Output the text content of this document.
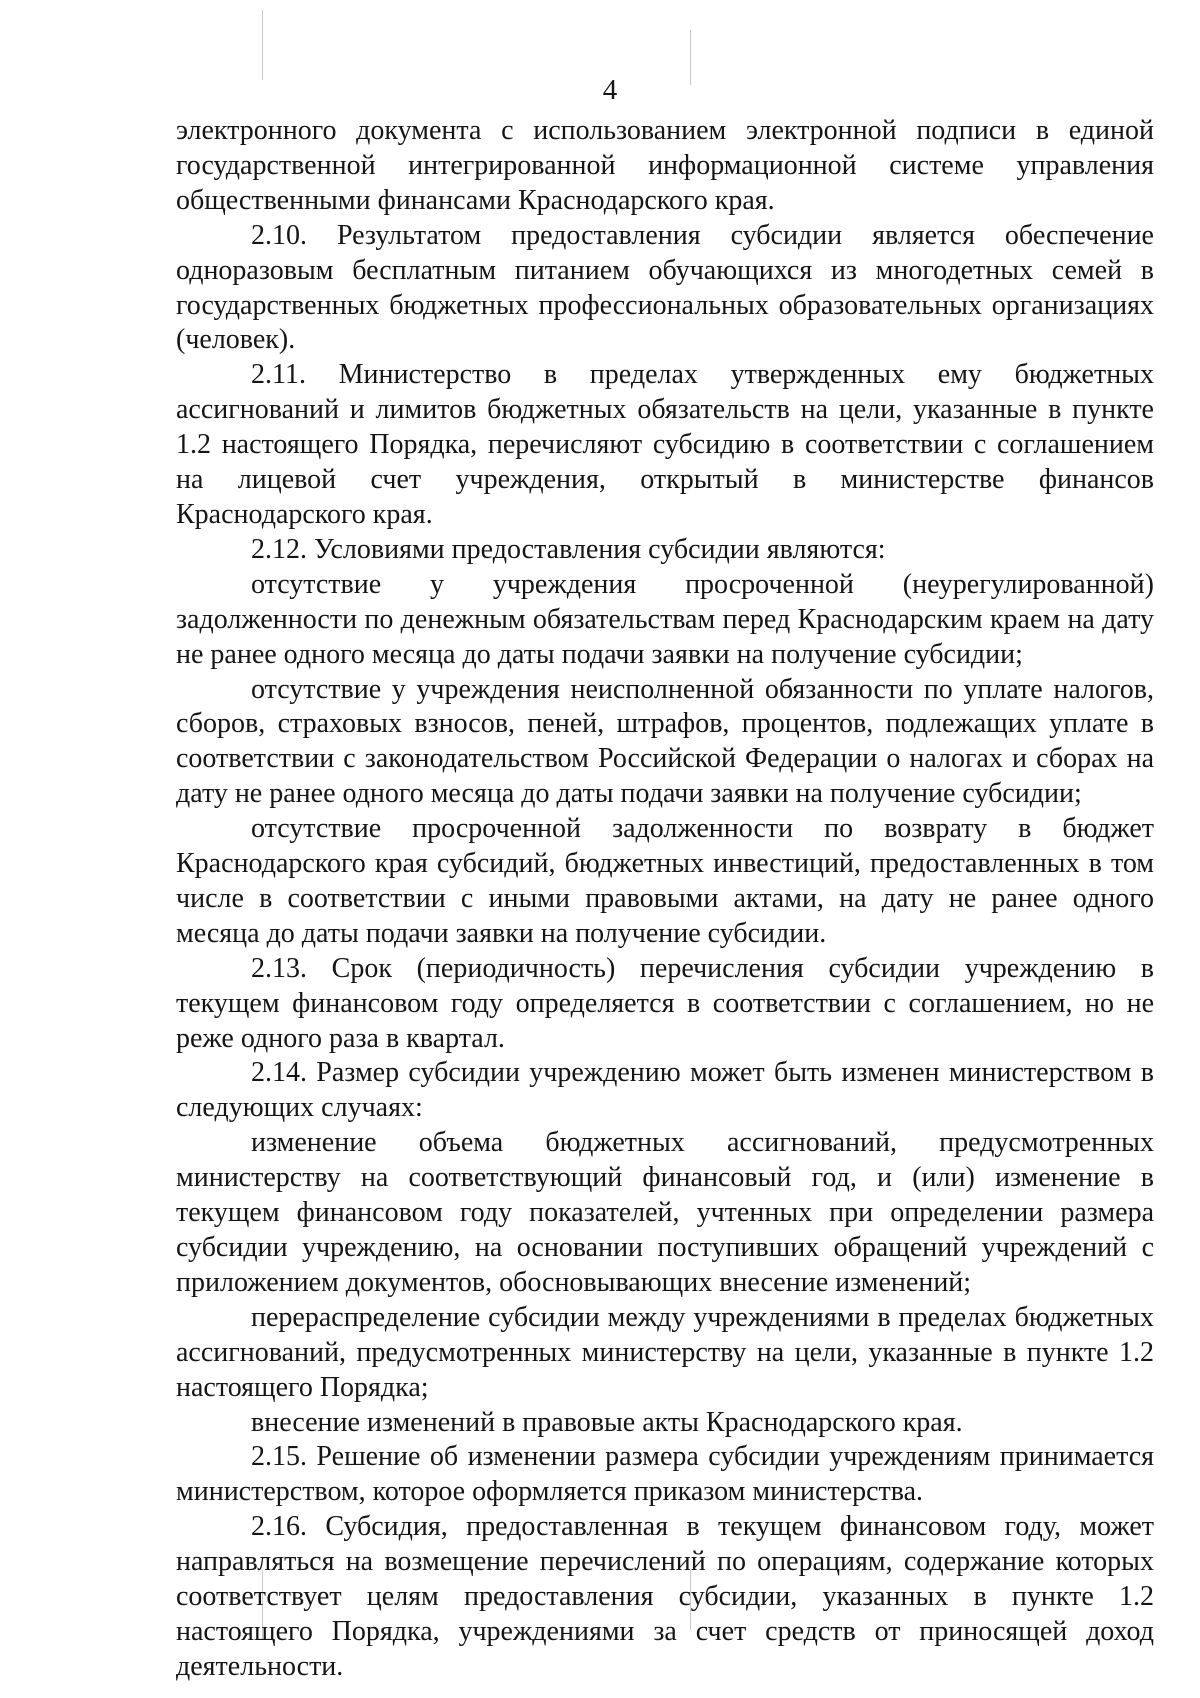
4

электронного документа с использованием электронной подписи в единой государственной интегрированной информационной системе управления общественными финансами Краснодарского края.

2.10. Результатом предоставления субсидии является обеспечение одноразовым бесплатным питанием обучающихся из многодетных семей в государственных бюджетных профессиональных образовательных организациях (человек).

2.11. Министерство в пределах утвержденных ему бюджетных ассигнований и лимитов бюджетных обязательств на цели, указанные в пункте 1.2 настоящего Порядка, перечисляют субсидию в соответствии с соглашением на лицевой счет учреждения, открытый в министерстве финансов Краснодарского края.

2.12. Условиями предоставления субсидии являются:

отсутствие у учреждения просроченной (неурегулированной) задолженности по денежным обязательствам перед Краснодарским краем на дату не ранее одного месяца до даты подачи заявки на получение субсидии;

отсутствие у учреждения неисполненной обязанности по уплате налогов, сборов, страховых взносов, пеней, штрафов, процентов, подлежащих уплате в соответствии с законодательством Российской Федерации о налогах и сборах на дату не ранее одного месяца до даты подачи заявки на получение субсидии;

отсутствие просроченной задолженности по возврату в бюджет Краснодарского края субсидий, бюджетных инвестиций, предоставленных в том числе в соответствии с иными правовыми актами, на дату не ранее одного месяца до даты подачи заявки на получение субсидии.

2.13. Срок (периодичность) перечисления субсидии учреждению в текущем финансовом году определяется в соответствии с соглашением, но не реже одного раза в квартал.

2.14. Размер субсидии учреждению может быть изменен министерством в следующих случаях:

изменение объема бюджетных ассигнований, предусмотренных министерству на соответствующий финансовый год, и (или) изменение в текущем финансовом году показателей, учтенных при определении размера субсидии учреждению, на основании поступивших обращений учреждений с приложением документов, обосновывающих внесение изменений;

перераспределение субсидии между учреждениями в пределах бюджетных ассигнований, предусмотренных министерству на цели, указанные в пункте 1.2 настоящего Порядка;

внесение изменений в правовые акты Краснодарского края.

2.15. Решение об изменении размера субсидии учреждениям принимается министерством, которое оформляется приказом министерства.

2.16. Субсидия, предоставленная в текущем финансовом году, может направляться на возмещение перечислений по операциям, содержание которых соответствует целям предоставления субсидии, указанных в пункте 1.2 настоящего Порядка, учреждениями за счет средств от приносящей доход деятельности.
